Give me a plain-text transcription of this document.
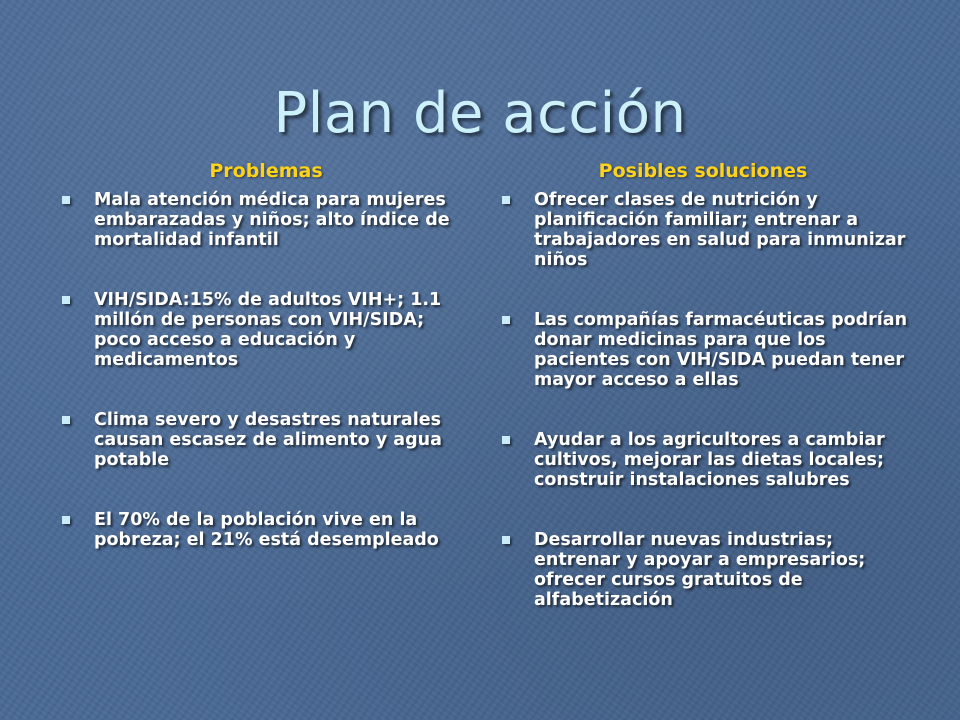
Plan de acción
Problemas
Mala atención médica para mujeres embarazadas y niños; alto índice de mortalidad infantil
VIH/SIDA:15% de adultos VIH+; 1.1 millón de personas con VIH/SIDA; poco acceso a educación y medicamentos
Clima severo y desastres naturales causan escasez de alimento y agua potable
El 70% de la población vive en la pobreza; el 21% está desempleado
Posibles soluciones
Ofrecer clases de nutrición y planificación familiar; entrenar a trabajadores en salud para inmunizar niños
Las compañías farmacéuticas podrían donar medicinas para que los pacientes con VIH/SIDA puedan tener mayor acceso a ellas
Ayudar a los agricultores a cambiar cultivos, mejorar las dietas locales; construir instalaciones salubres
Desarrollar nuevas industrias; entrenar y apoyar a empresarios; ofrecer cursos gratuitos de alfabetización
